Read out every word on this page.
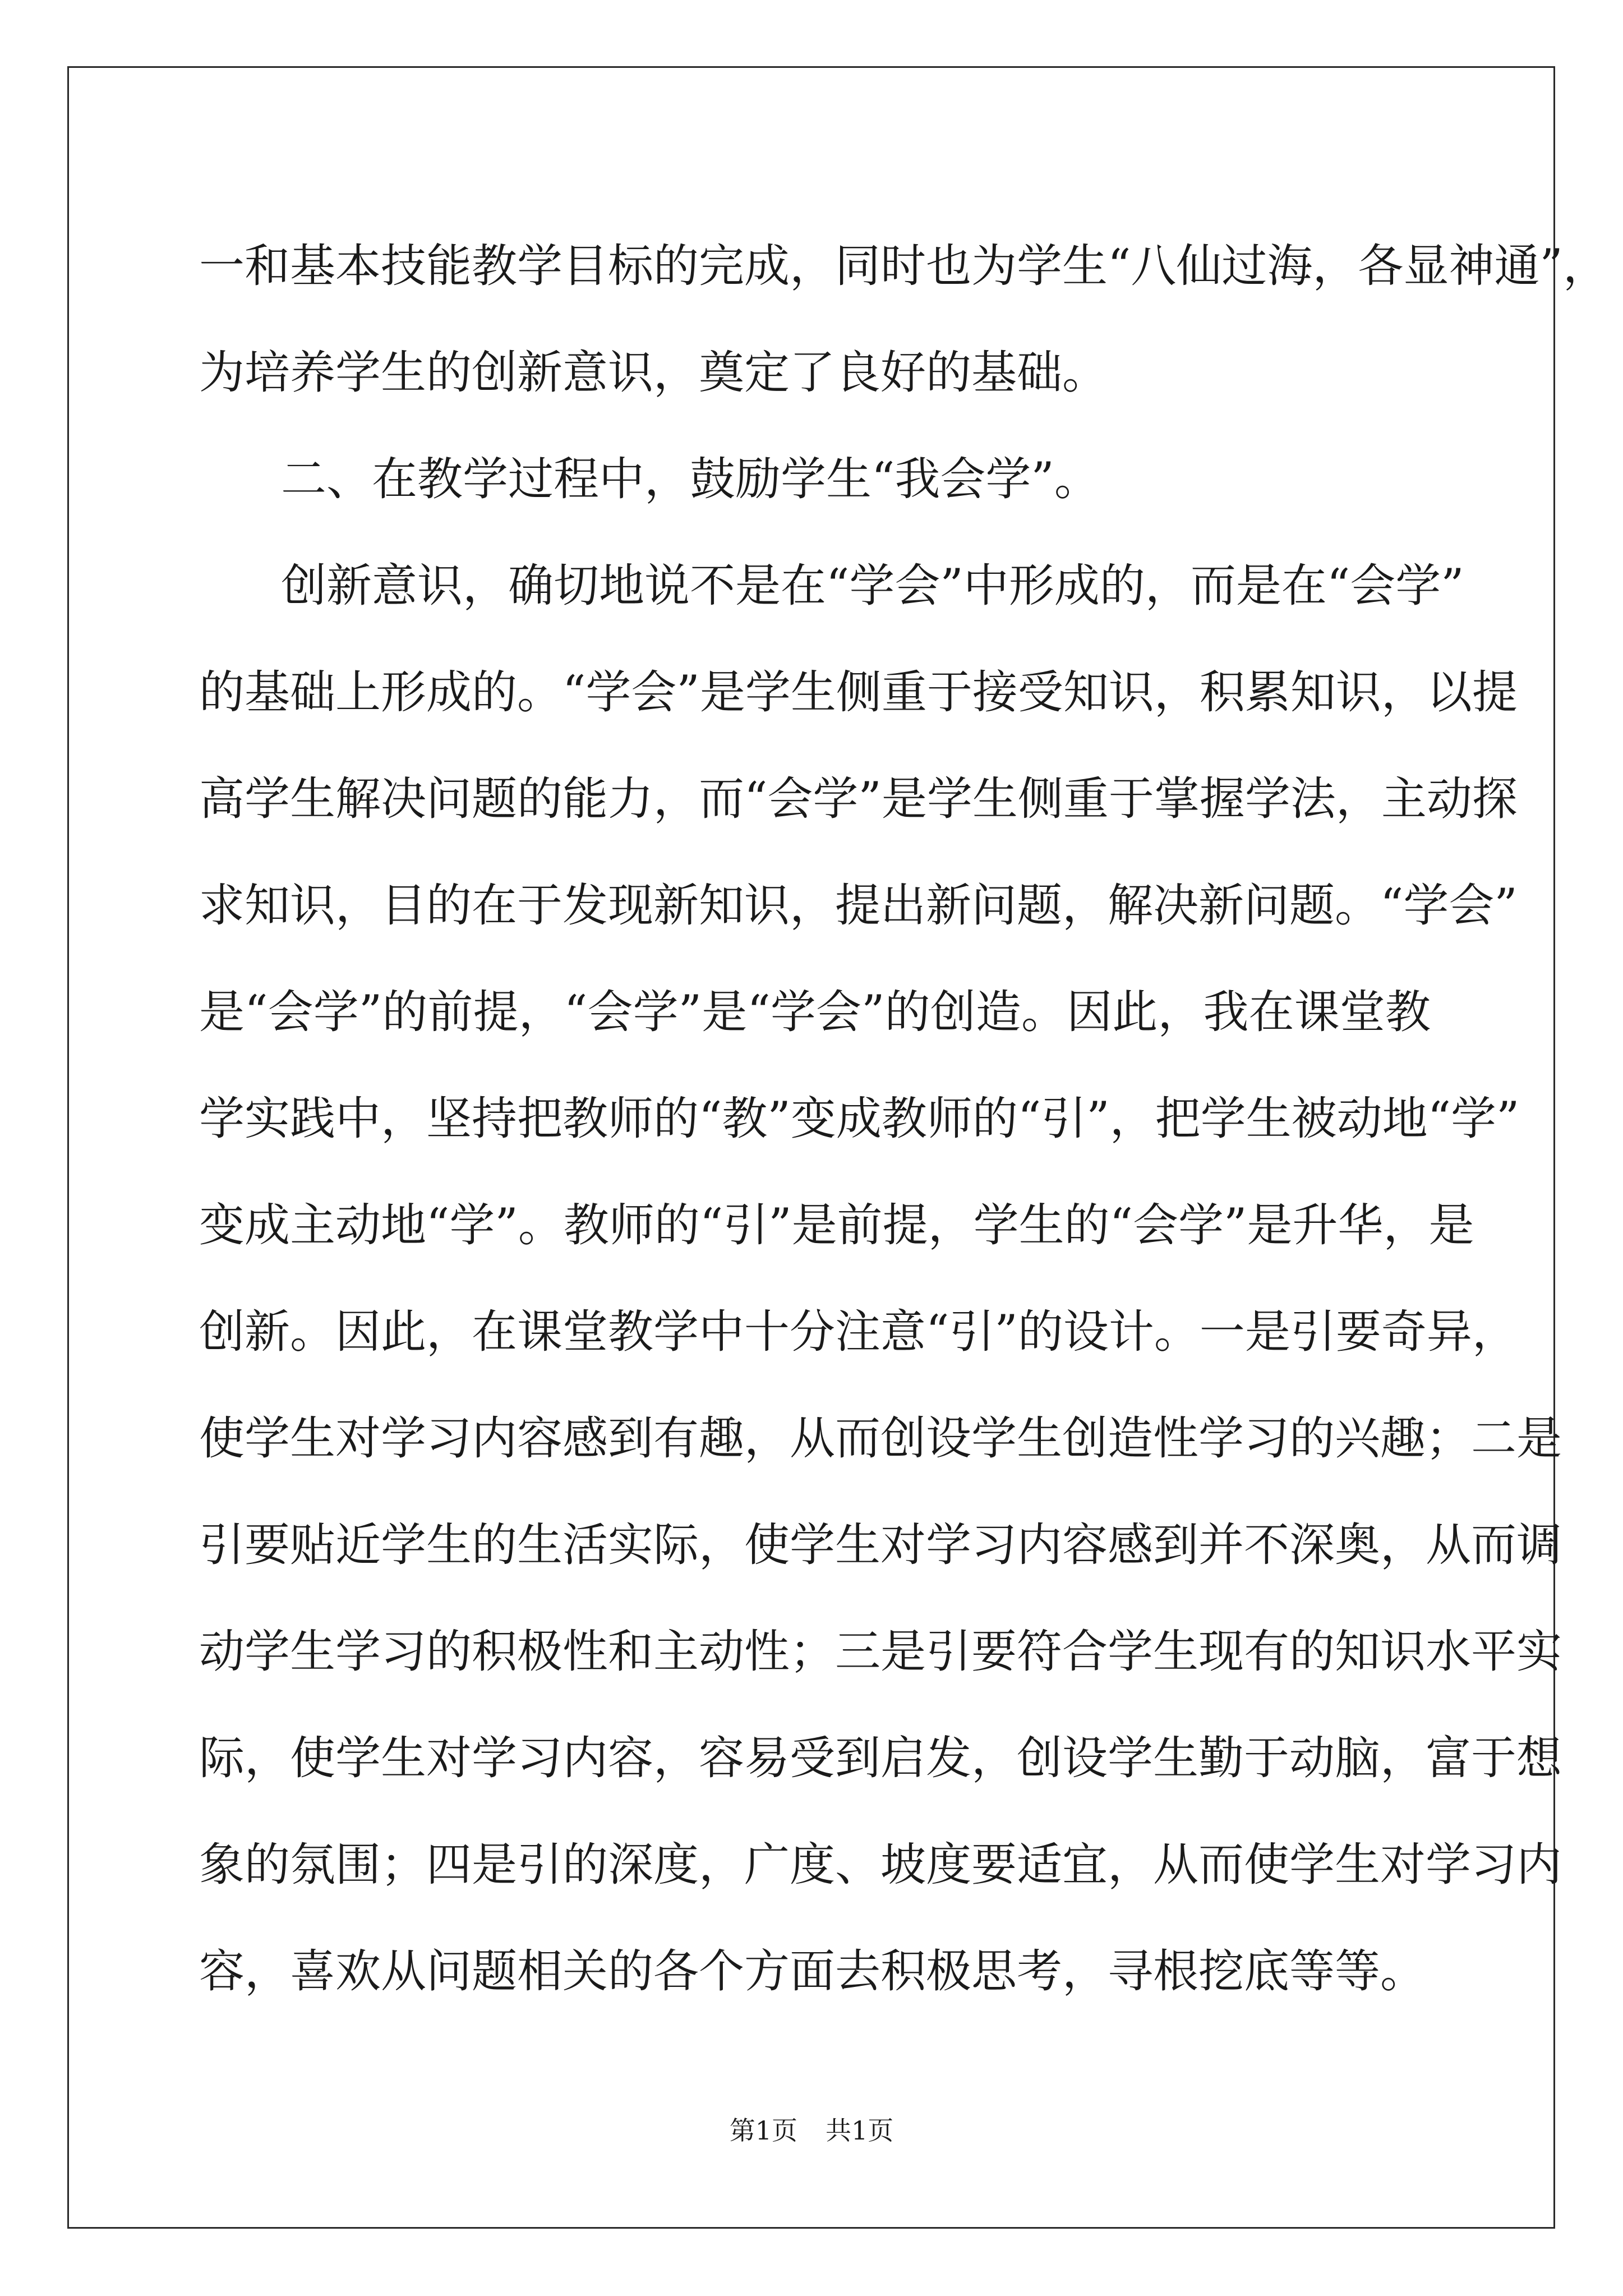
一和基本技能教学目标的完成，同时也为学生“八仙过海，各显神通”，
为培养学生的创新意识，奠定了良好的基础。
二、在教学过程中，鼓励学生“我会学”。
创新意识，确切地说不是在“学会”中形成的，而是在“会学”
的基础上形成的。“学会”是学生侧重于接受知识，积累知识，以提
高学生解决问题的能力，而“会学”是学生侧重于掌握学法，主动探
求知识，目的在于发现新知识，提出新问题，解决新问题。“学会”
是“会学”的前提，“会学”是“学会”的创造。因此，我在课堂教
学实践中，坚持把教师的“教”变成教师的“引”，把学生被动地“学”
变成主动地“学”。教师的“引”是前提，学生的“会学”是升华，是
创新。因此，在课堂教学中十分注意“引”的设计。一是引要奇异，
使学生对学习内容感到有趣，从而创设学生创造性学习的兴趣；二是
引要贴近学生的生活实际，使学生对学习内容感到并不深奥，从而调
动学生学习的积极性和主动性；三是引要符合学生现有的知识水平实
际，使学生对学习内容，容易受到启发，创设学生勤于动脑，富于想
象的氛围；四是引的深度，广度、坡度要适宜，从而使学生对学习内
容，喜欢从问题相关的各个方面去积极思考，寻根挖底等等。
第1页 共1页
